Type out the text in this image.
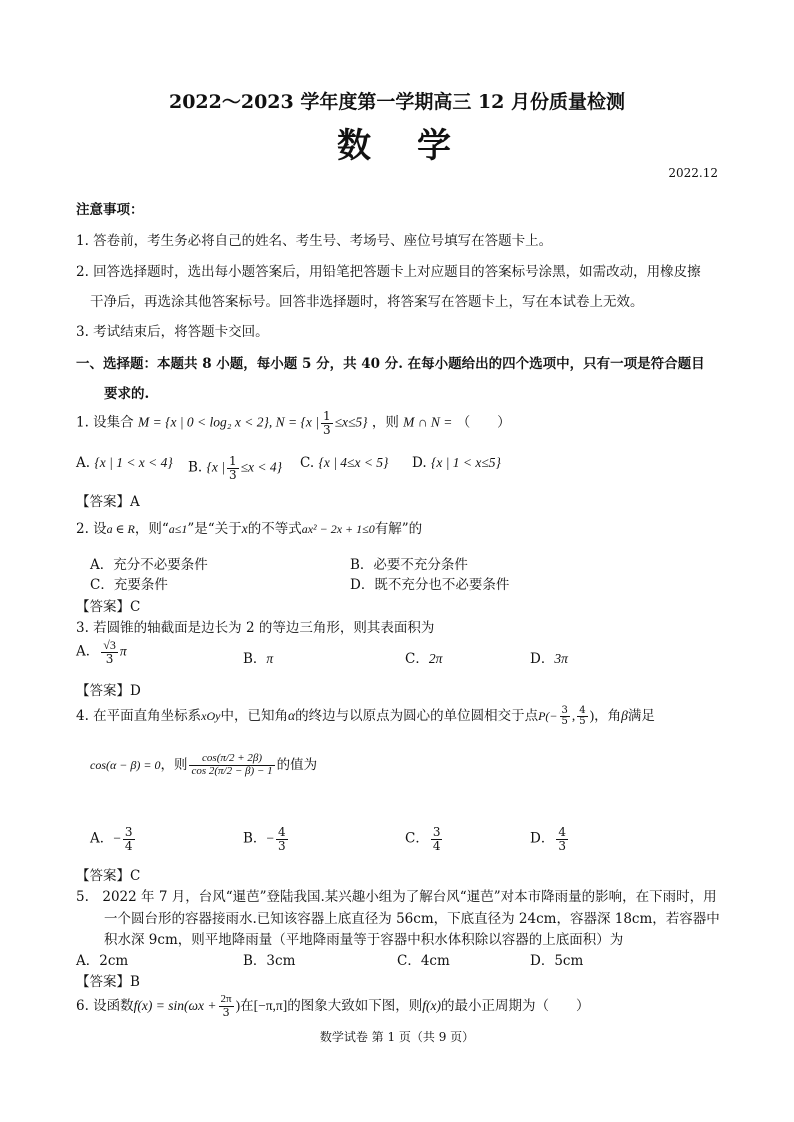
2022～2023 学年度第一学期高三 12 月份质量检测
数　学
2022.12
注意事项：
1. 答卷前，考生务必将自己的姓名、考生号、考场号、座位号填写在答题卡上。
2. 回答选择题时，选出每小题答案后，用铅笔把答题卡上对应题目的答案标号涂黑，如需改动，用橡皮擦
干净后，再选涂其他答案标号。回答非选择题时，将答案写在答题卡上，写在本试卷上无效。
3. 考试结束后，将答题卡交回。
一、选择题：本题共 8 小题，每小题 5 分，共 40 分. 在每小题给出的四个选项中，只有一项是符合题目
要求的.
1. 设集合 M = {x | 0 < log₂ x < 2}, N = {x | $\frac{1}{3} \le x\le 5$} ，则 M ∩ N = （　　）
A. {x | 1 < x < 4} B. {x | $\frac{1}{3} \le x < 4$} C. {x | 4≤x < 5} D. {x | 1 < x≤5}
【答案】A
2. 设a ∈ R，则“a≤1”是“关于x的不等式ax² − 2x + 1≤0有解”的
A．充分不必要条件	B．必要不充分条件
C．充要条件	D．既不充分也不必要条件
【答案】C
3. 若圆锥的轴截面是边长为 2 的等边三角形，则其表面积为
A． $\frac{√3}{3}$ π	B．π	C．2π	D．3π
【答案】D
4. 在平面直角坐标系xOy中，已知角α的终边与以原点为圆心的单位圆相交于点$P(- \frac{3}{5}$ , $\frac{4}{5}$ )，角β满足
cos(α − β) = 0，则 $\frac{\cos(\pi/2 + 2\beta)}{\cos 2(\pi/2 - \beta) - 1}$ 的值为
A．− $\frac{3}{4}$	B．− $\frac{4}{3}$	C． $\frac{3}{4}$	D． $\frac{4}{3}$
【答案】C
5.　2022 年 7 月，台风“暹芭”登陆我国.某兴趣小组为了解台风“暹芭”对本市降雨量的影响，在下雨时，用
一个圆台形的容器接雨水.已知该容器上底直径为 56cm，下底直径为 24cm，容器深 18cm，若容器中
积水深 9cm，则平地降雨量（平地降雨量等于容器中积水体积除以容器的上底面积）为
A．2cm	B．3cm	C．4cm	D．5cm
【答案】B
6. 设函数$f(x) = \sin(\omega x + \frac{2\pi}{3}$ )在[−π,π]的图象大致如下图，则f(x)的最小正周期为（　　）
数学试卷 第 1 页（共 9 页）
